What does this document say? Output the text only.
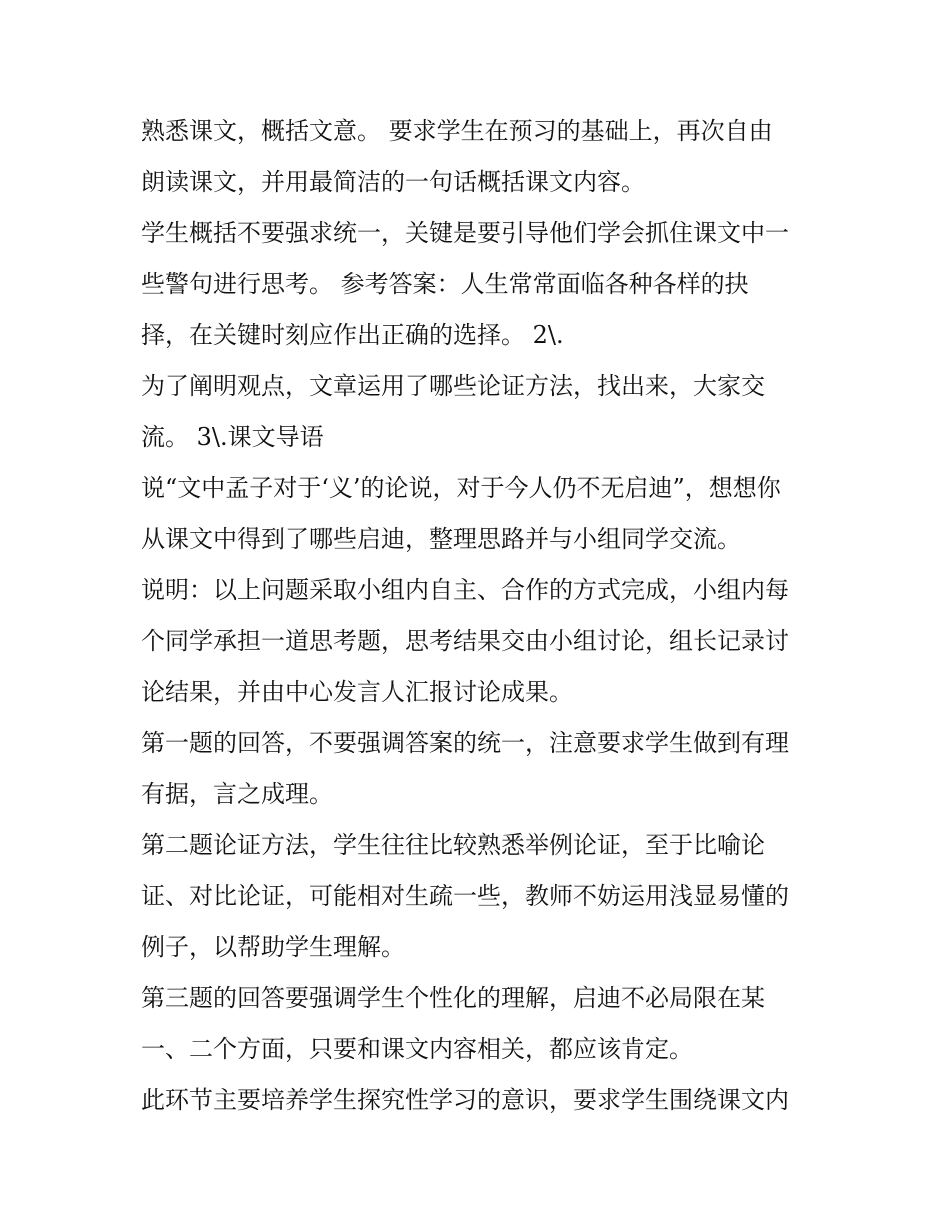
熟悉课文，概括文意。 要求学生在预习的基础上，再次自由
朗读课文，并用最简洁的一句话概括课文内容。
学生概括不要强求统一，关键是要引导他们学会抓住课文中一
些警句进行思考。 参考答案：人生常常面临各种各样的抉
择，在关键时刻应作出正确的选择。 2\.
为了阐明观点，文章运用了哪些论证方法，找出来，大家交
流。 3\.课文导语
说“文中孟子对于‘义’的论说，对于今人仍不无启迪”，想想你
从课文中得到了哪些启迪，整理思路并与小组同学交流。
说明：以上问题采取小组内自主、合作的方式完成，小组内每
个同学承担一道思考题，思考结果交由小组讨论，组长记录讨
论结果，并由中心发言人汇报讨论成果。
第一题的回答，不要强调答案的统一，注意要求学生做到有理
有据，言之成理。
第二题论证方法，学生往往比较熟悉举例论证，至于比喻论
证、对比论证，可能相对生疏一些，教师不妨运用浅显易懂的
例子，以帮助学生理解。
第三题的回答要强调学生个性化的理解，启迪不必局限在某
一、二个方面，只要和课文内容相关，都应该肯定。
此环节主要培养学生探究性学习的意识，要求学生围绕课文内
